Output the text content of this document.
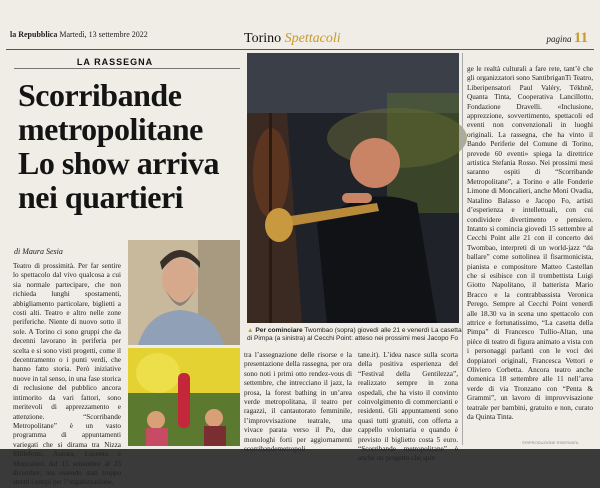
la Repubblica Martedì, 13 settembre 2022	Torino Spettacoli	pagina 11
LA RASSEGNA
Scorribande
metropolitane
Lo show arriva
nei quartieri
di Maura Sesia
Teatro di prossimità. Per far sentire lo spettacolo dal vivo qualcosa a cui sia normale partecipare, che non richieda lunghi spostamenti, abbigliamento particolare, biglietti a costi alti. Teatro e altro nelle zone periferiche. Niente di nuovo sotto il sole. A Torino ci sono gruppi che da decenni lavorano in periferia per scelta e si sono visti progetti, come il decentramento o i punti verdi, che hanno fatto storia. Però iniziative nuove in tal senso, in una fase storica di reclusione del pubblico ancora intimorito da vari fattori, sono meritevoli di apprezzamento e attenzione. “Scorribande Metropolitane” è un vasto programma di appuntamenti variegati che si dirama tra Nizza Millefonti, Aurora, Lucento e Moncalieri dal 15 settembre al 23 dicembre; ma essendo stati troppo stretti i tempi per l’organizzazione,
▲ Per cominciare Twombao (sopra) giovedì alle 21 e venerdì La casetta di Pimpa (a sinistra) al Cecchi Point: atteso nei prossimi mesi Jacopo Fo
tra l’assegnazione delle risorse e la presentazione della rassegna, per ora sono noti i primi otto rendez-vous di settembre, che intrecciano il jazz, la prosa, la forest bathing in un’area verde metropolitana, il teatro per ragazzi, il cantautorato femminile, l’improvvisazione teatrale, una vivace parata verso il Po, due monologhi forti per aggiornamenti scorribandemetropoli
tane.it). L’idea nasce sulla scorta della positiva esperienza del “Festival della Gentilezza”, realizzato sempre in zona ospedali, che ha visto il convinto coinvolgimento di commercianti e residenti. Gli appuntamenti sono quasi tutti gratuiti, con offerta a cappello volontaria e quando è previsto il biglietto costa 5 euro. “Scorribande metropolitane” è anche un progetto che spin
ge le realtà culturali a fare rete, tant’è che gli organizzatori sono SantibriganTi Teatro, Liberipensatori Paul Valéry, Tékhnē, Quanta Tinta, Cooperativa Lancillotto, Fondazione Dravelli. «Inclusione, apprezzione, sovvertimento, spettacoli ed eventi non convenzionali in luoghi originali. La rassegna, che ha vinto il Bando Periferie del Comune di Torino, prevede 60 eventi» spiega la direttrice artistica Stefania Rosso. Nei prossimi mesi saranno ospiti di “Scorribande Metropolitane”, a Torino e alle Fonderie Limone di Moncalieri, anche Moni Ovadia, Natalino Balasso e Jacopo Fo, artisti d’esperienza e intellettuali, con cui condividere divertimento e pensiero. Intanto si comincia giovedì 15 settembre al Cecchi Point alle 21 con il concerto dei Twombao, interpreti di un world-jazz “da ballare” come sottolinea il fisarmonicista, pianista e compositore Matteo Castellan che si esibisce con il trombettista Luigi Giotto Napolitano, il batterista Mario Bracco e la contrabbassista Veronica Perego. Sempre al Cecchi Point venerdì alle 18.30 va in scena uno spettacolo con attrice e fortunatissimo, “La casetta della Pimpa” di Francesco Tullio-Altan, una pièce di teatro di figura animato a vista con i personaggi parlanti con le voci dei doppiatori originali, Francesca Vettori e Oliviero Corbetta. Ancora teatro anche domenica 18 settembre alle 11 nell’area verde di via Tronzano con “Penta & Grammi”, un lavoro di improvvisazione teatrale per bambini, gratuito e non, curato da Quinta Tinta.
©RIPRODUZIONE RISERVATA
